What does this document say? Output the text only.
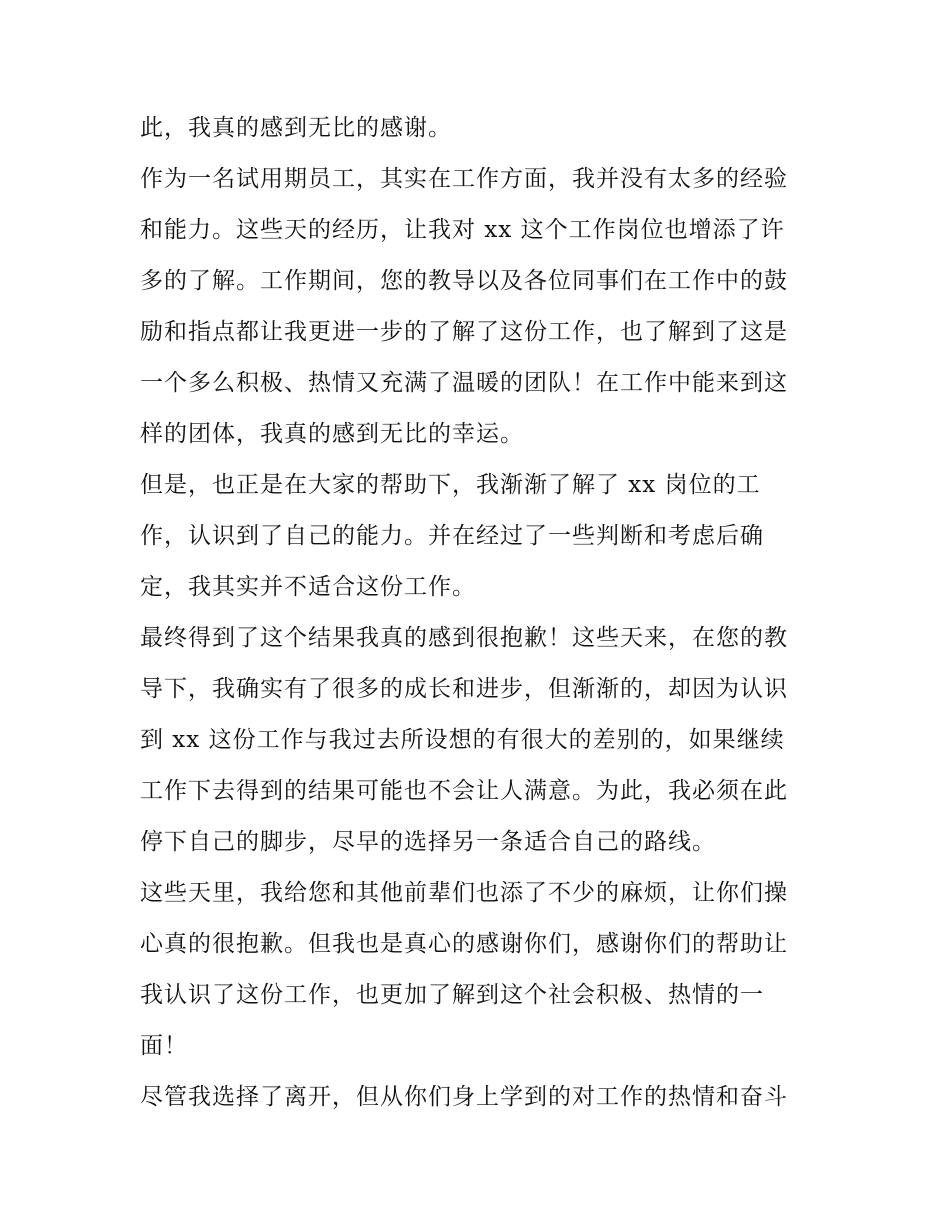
此，我真的感到无比的感谢。
作为一名试用期员工，其实在工作方面，我并没有太多的经验
和能力。这些天的经历，让我对 xx 这个工作岗位也增添了许
多的了解。工作期间，您的教导以及各位同事们在工作中的鼓
励和指点都让我更进一步的了解了这份工作，也了解到了这是
一个多么积极、热情又充满了温暖的团队！在工作中能来到这
样的团体，我真的感到无比的幸运。
但是，也正是在大家的帮助下，我渐渐了解了 xx 岗位的工
作，认识到了自己的能力。并在经过了一些判断和考虑后确
定，我其实并不适合这份工作。
最终得到了这个结果我真的感到很抱歉！这些天来，在您的教
导下，我确实有了很多的成长和进步，但渐渐的，却因为认识
到 xx 这份工作与我过去所设想的有很大的差别的，如果继续
工作下去得到的结果可能也不会让人满意。为此，我必须在此
停下自己的脚步，尽早的选择另一条适合自己的路线。
这些天里，我给您和其他前辈们也添了不少的麻烦，让你们操
心真的很抱歉。但我也是真心的感谢你们，感谢你们的帮助让
我认识了这份工作，也更加了解到这个社会积极、热情的一
面！
尽管我选择了离开，但从你们身上学到的对工作的热情和奋斗
